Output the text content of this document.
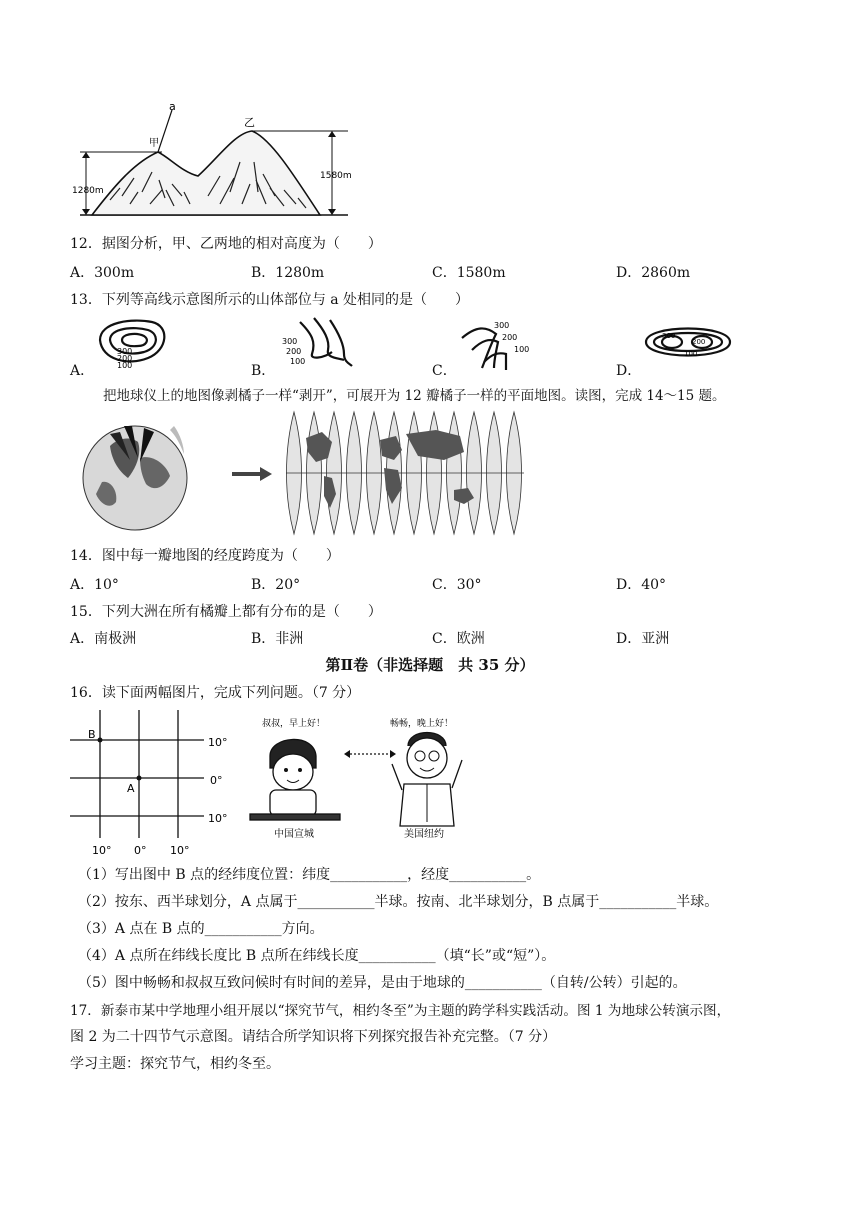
a
甲
乙
1280m
1580m
12．据图分析，甲、乙两地的相对高度为（　　）
A．300m	B．1280m	C．1580m	D．2860m
13．下列等高线示意图所示的山体部位与 a 处相同的是（　　）
A．	B．	C．	D．
300
200
100
300
200
100
300
200
100
300
200
100
把地球仪上的地图像剥橘子一样“剥开”，可展开为 12 瓣橘子一样的平面地图。读图，完成 14～15 题。
14．图中每一瓣地图的经度跨度为（　　）
A．10°	B．20°	C．30°	D．40°
15．下列大洲在所有橘瓣上都有分布的是（　　）
A．南极洲	B．非洲	C．欧洲	D．亚洲
第Ⅱ卷（非选择题　共 35 分）
16．读下面两幅图片，完成下列问题。（7 分）
B
A
10°
0°
10°
10° 0° 10°
叔叔，早上好！	畅畅，晚上好！
中国宣城	美国纽约
（1）写出图中 B 点的经纬度位置：纬度___________，经度___________。
（2）按东、西半球划分，A 点属于___________半球。按南、北半球划分，B 点属于___________半球。
（3）A 点在 B 点的___________方向。
（4）A 点所在纬线长度比 B 点所在纬线长度___________（填“长”或“短”）。
（5）图中畅畅和叔叔互致问候时有时间的差异，是由于地球的___________（自转/公转）引起的。
17．新泰市某中学地理小组开展以“探究节气，相约冬至”为主题的跨学科实践活动。图 1 为地球公转演示图，
图 2 为二十四节气示意图。请结合所学知识将下列探究报告补充完整。（7 分）
学习主题：探究节气，相约冬至。
